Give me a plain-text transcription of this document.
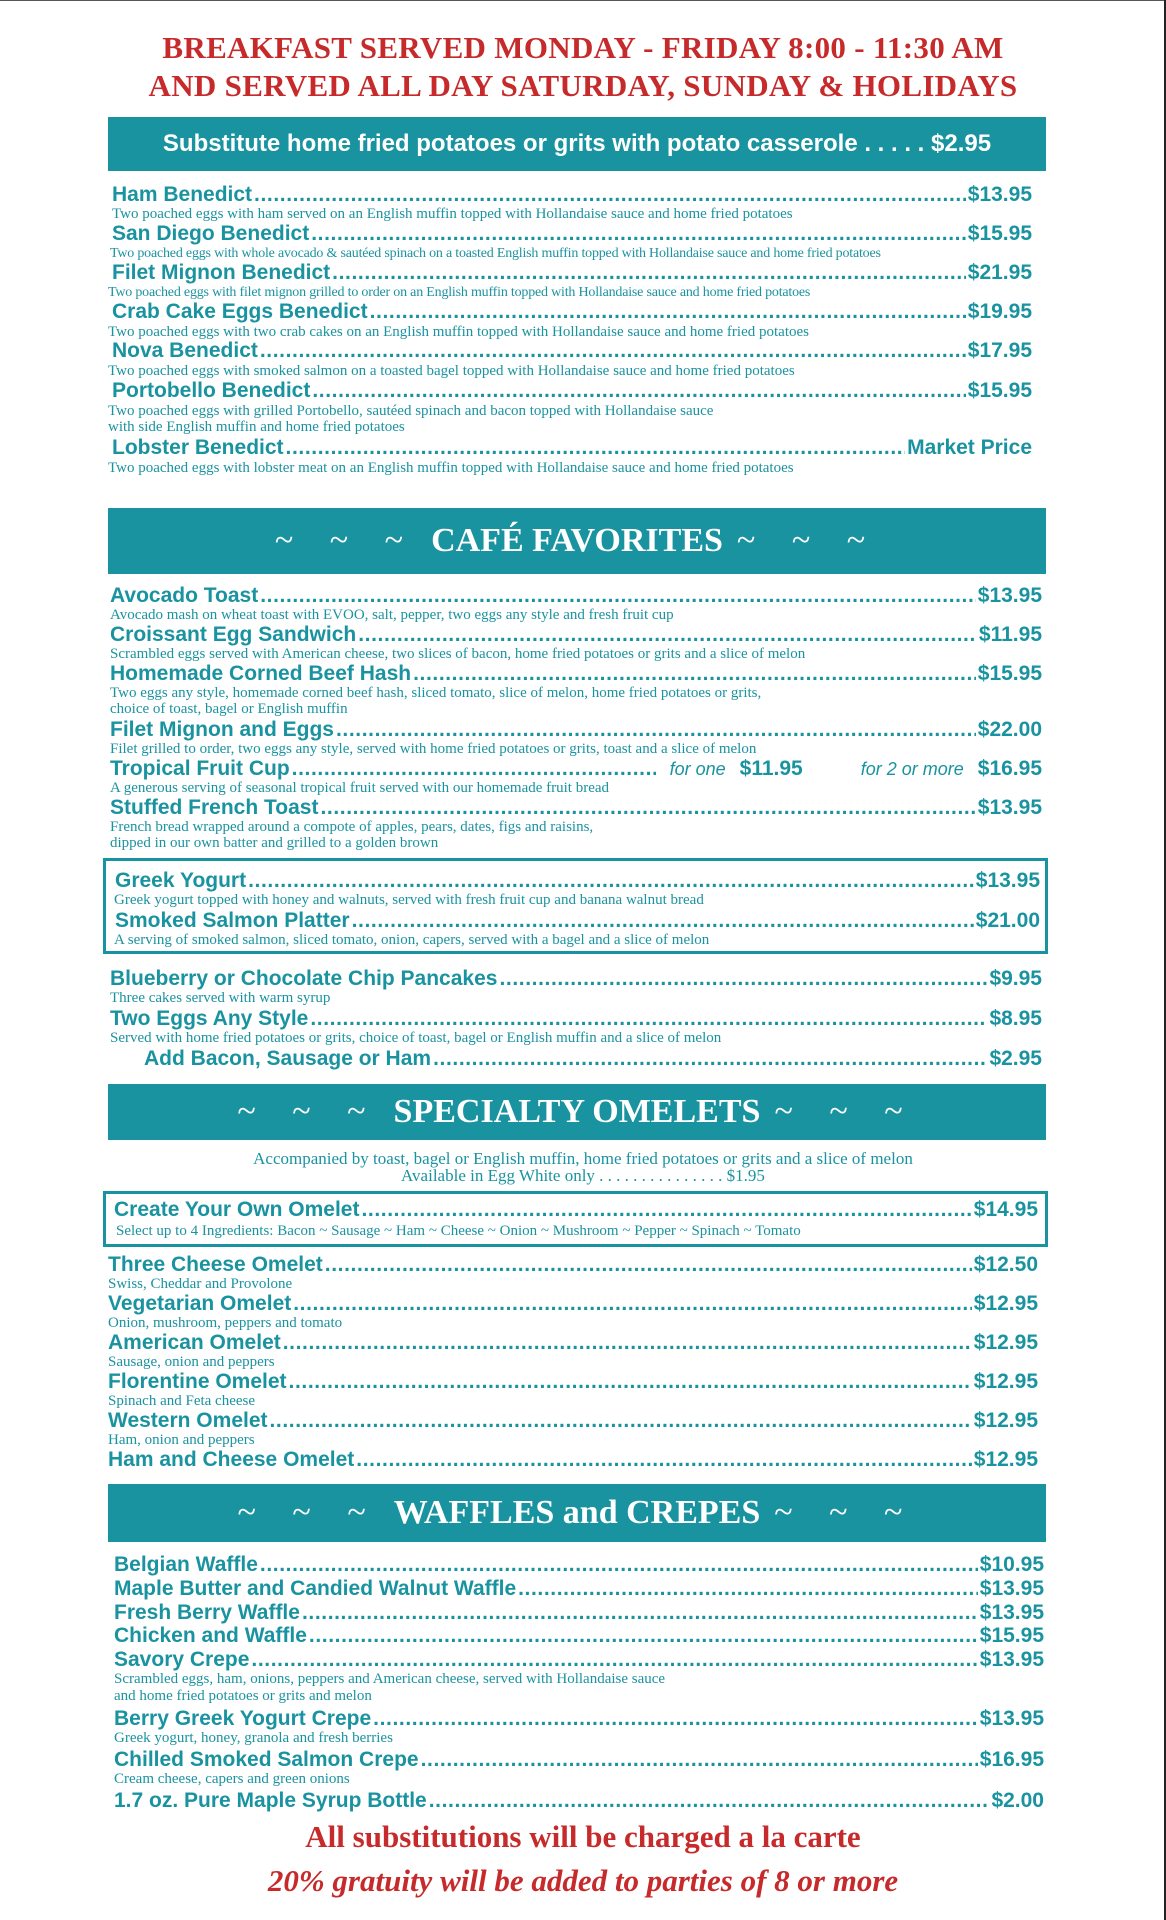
BREAKFAST SERVED MONDAY - FRIDAY 8:00 - 11:30 AM
AND SERVED ALL DAY SATURDAY, SUNDAY & HOLIDAYS
Substitute home fried potatoes or grits with potato casserole . . . . . $2.95
Ham Benedict .....	$13.95
Two poached eggs with ham served on an English muffin topped with Hollandaise sauce and home fried potatoes
San Diego Benedict .....	$15.95
Two poached eggs with whole avocado & sautéed spinach on a toasted English muffin topped with Hollandaise sauce and home fried potatoes
Filet Mignon Benedict .....	$21.95
Two poached eggs with filet mignon grilled to order on an English muffin topped with Hollandaise sauce and home fried potatoes
Crab Cake Eggs Benedict .....	$19.95
Two poached eggs with two crab cakes on an English muffin topped with Hollandaise sauce and home fried potatoes
Nova Benedict .....	$17.95
Two poached eggs with smoked salmon on a toasted bagel topped with Hollandaise sauce and home fried potatoes
Portobello Benedict .....	$15.95
Two poached eggs with grilled Portobello, sautéed spinach and bacon topped with Hollandaise sauce
with side English muffin and home fried potatoes
Lobster Benedict .....	Market Price
Two poached eggs with lobster meat on an English muffin topped with Hollandaise sauce and home fried potatoes
~ ~ ~ CAFÉ FAVORITES ~ ~ ~
Avocado Toast .....	$13.95
Avocado mash on wheat toast with EVOO, salt, pepper, two eggs any style and fresh fruit cup
Croissant Egg Sandwich .....	$11.95
Scrambled eggs served with American cheese, two slices of bacon, home fried potatoes or grits and a slice of melon
Homemade Corned Beef Hash .....	$15.95
Two eggs any style, homemade corned beef hash, sliced tomato, slice of melon, home fried potatoes or grits,
choice of toast, bagel or English muffin
Filet Mignon and Eggs .....	$22.00
Filet grilled to order, two eggs any style, served with home fried potatoes or grits, toast and a slice of melon
Tropical Fruit Cup .....	for one $11.95	for 2 or more $16.95
A generous serving of seasonal tropical fruit served with our homemade fruit bread
Stuffed French Toast .....	$13.95
French bread wrapped around a compote of apples, pears, dates, figs and raisins,
dipped in our own batter and grilled to a golden brown
Greek Yogurt .....	$13.95
Greek yogurt topped with honey and walnuts, served with fresh fruit cup and banana walnut bread
Smoked Salmon Platter .....	$21.00
A serving of smoked salmon, sliced tomato, onion, capers, served with a bagel and a slice of melon
Blueberry or Chocolate Chip Pancakes .....	$9.95
Three cakes served with warm syrup
Two Eggs Any Style .....	$8.95
Served with home fried potatoes or grits, choice of toast, bagel or English muffin and a slice of melon
Add Bacon, Sausage or Ham .....	$2.95
~ ~ ~ SPECIALTY OMELETS ~ ~ ~
Accompanied by toast, bagel or English muffin, home fried potatoes or grits and a slice of melon
Available in Egg White only . . . . . . . . . . . . . . . $1.95
Create Your Own Omelet .....	$14.95
Select up to 4 Ingredients: Bacon ~ Sausage ~ Ham ~ Cheese ~ Onion ~ Mushroom ~ Pepper ~ Spinach ~ Tomato
Three Cheese Omelet .....	$12.50
Swiss, Cheddar and Provolone
Vegetarian Omelet .....	$12.95
Onion, mushroom, peppers and tomato
American Omelet .....	$12.95
Sausage, onion and peppers
Florentine Omelet .....	$12.95
Spinach and Feta cheese
Western Omelet .....	$12.95
Ham, onion and peppers
Ham and Cheese Omelet .....	$12.95
~ ~ ~ WAFFLES and CREPES ~ ~ ~
Belgian Waffle .....	$10.95
Maple Butter and Candied Walnut Waffle .....	$13.95
Fresh Berry Waffle .....	$13.95
Chicken and Waffle .....	$15.95
Savory Crepe .....	$13.95
Scrambled eggs, ham, onions, peppers and American cheese, served with Hollandaise sauce
and home fried potatoes or grits and melon
Berry Greek Yogurt Crepe .....	$13.95
Greek yogurt, honey, granola and fresh berries
Chilled Smoked Salmon Crepe .....	$16.95
Cream cheese, capers and green onions
1.7 oz. Pure Maple Syrup Bottle .....	$2.00
All substitutions will be charged a la carte
20% gratuity will be added to parties of 8 or more
